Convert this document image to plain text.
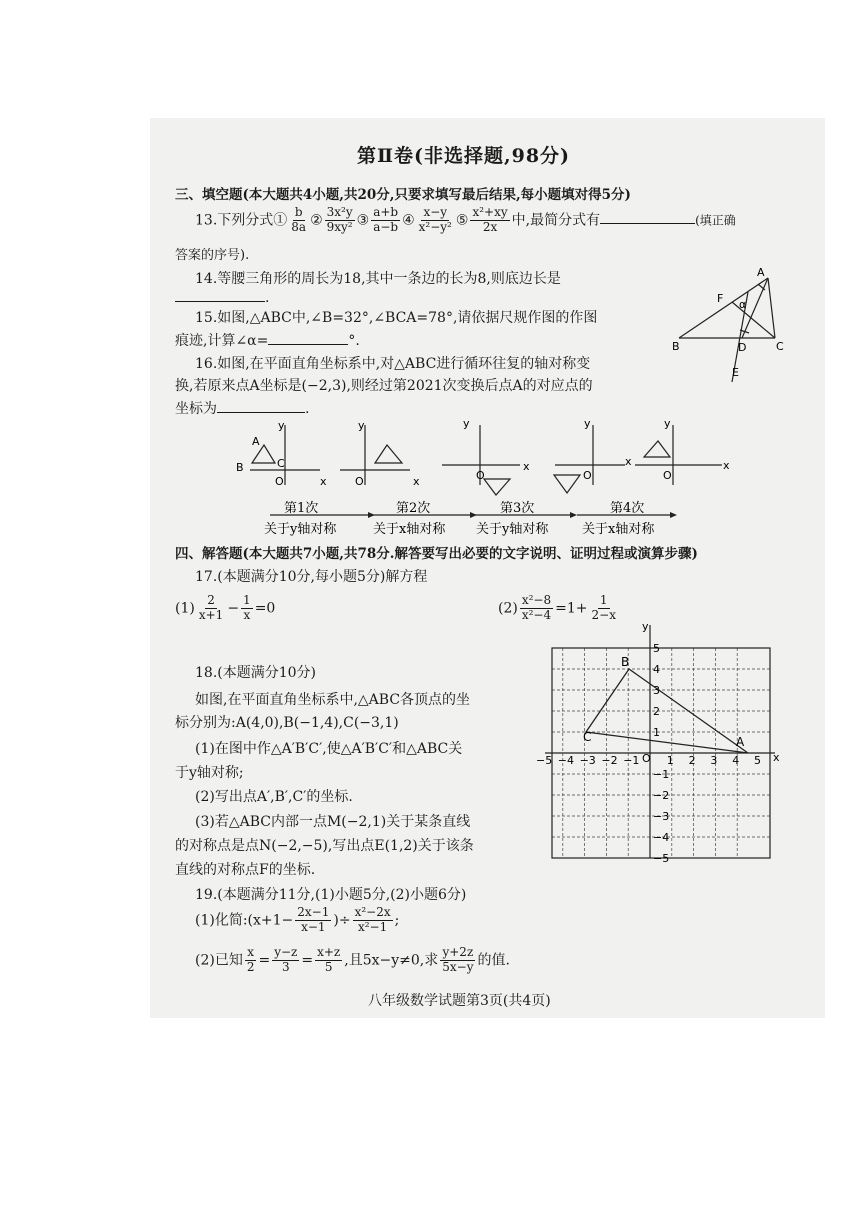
第Ⅱ卷(非选择题,98分)
三、填空题(本大题共4小题,共20分,只要求填写最后结果,每小题填对得5分)
13.下列分式① $\frac{b}{8a}$ ② $\frac{\text{3x²y}}{\text{9xy²}}$ ③ $\frac{a+b}{a-b}$ ④ $\frac{x-y}{\text{x²−y²}}$ ⑤ $\frac{\text{x²+xy}}{2x}$ 中,最简分式有	(填正确
答案的序号).
14.等腰三角形的周长为18,其中一条边的长为8,则底边长是
.
15.如图,△ABC中,∠B=32°,∠BCA=78°,请依据尺规作图的作图
痕迹,计算∠α=	°.
16.如图,在平面直角坐标系中,对△ABC进行循环往复的轴对称变
换,若原来点A坐标是(−2,3),则经过第2021次变换后点A的对应点的
坐标为	.
A
B	C
D
E
F α
y
O	x
A
B	C
y
O	x
y
O
x
y
O
x
y
O
x
第1次	第2次	第3次	第4次
关于y轴对称	关于x轴对称 关于y轴对称	关于x轴对称
四、解答题(本大题共7小题,共78分.解答要写出必要的文字说明、证明过程或演算步骤)
17.(本题满分10分,每小题5分)解方程
$(1) \frac{2}{x+1} - \frac{1}{x} =0$	$(2) \frac{\text{x²−8}}{\text{x²−4}} =1+ \frac{1}{2-x}$
18.(本题满分10分)
如图,在平面直角坐标系中,△ABC各顶点的坐
标分别为:A(4,0),B(−1,4),C(−3,1)
(1)在图中作△A′B′C′,使△A′B′C′和△ABC关
于y轴对称;
(2)写出点A′,B′,C′的坐标.
(3)若△ABC内部一点M(−2,1)关于某条直线
的对称点是点N(−2,−5),写出点E(1,2)关于该条
直线的对称点F的坐标.
−5 −4 −3 −2 −1 1 2 3 4 5
5
4
3
2
1
−1
−2
−3
−4
−5
x
y
O
A
B
C
19.(本题满分11分,(1)小题5分,(2)小题6分)
(1)化简:(x+1− $\frac{2x-1}{x-1}$ )÷ $\frac{\text{x²−2x}}{\text{x²−1}}$ ;
(2)已知 $\frac{x}{2} = \frac{y-z}{3} = \frac{x+z}{5}$ ,且5x−y≠0,求 $\frac{y+2z}{5x-y}$ 的值.
八年级数学试题第3页(共4页)
